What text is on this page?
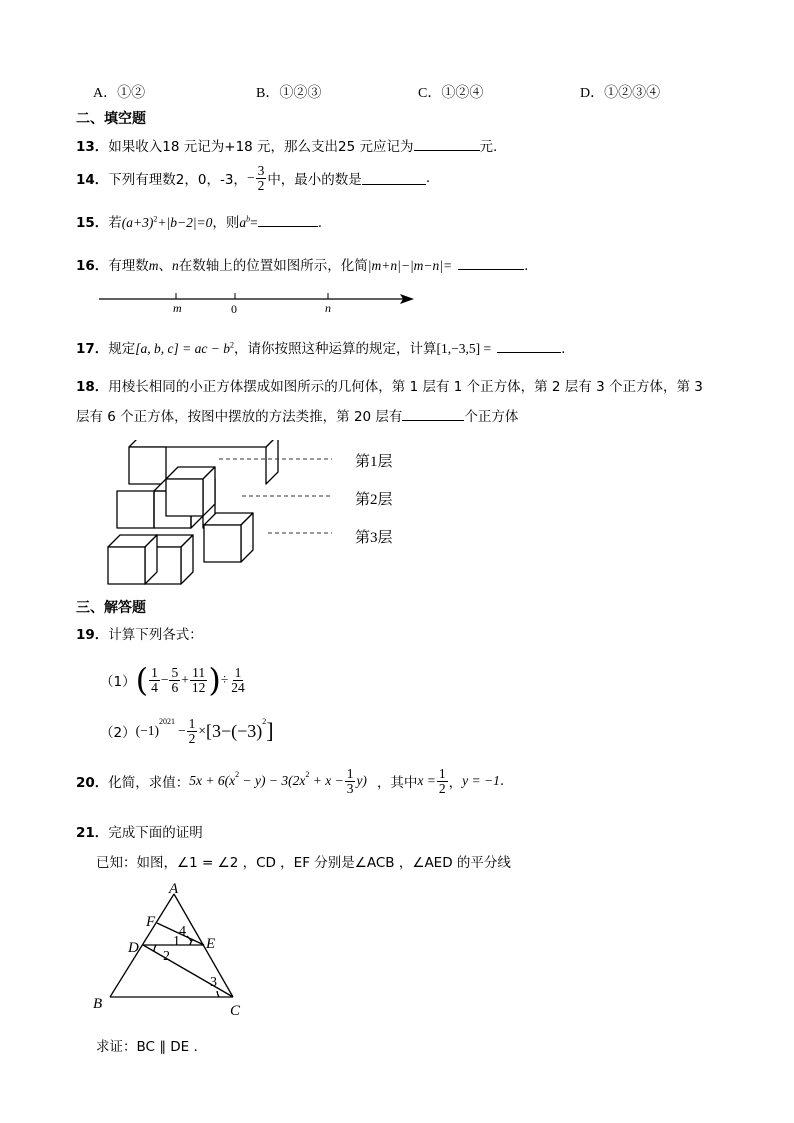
A．①②	B．①②③	C．①②④	D．①②③④
二、填空题
13．如果收入18 元记为+18 元，那么支出25 元应记为	元.
14． 下列有理数2，0，-3， − $\frac{3}{2}$ 中，最小的数是	.
15．若$(a+3)^2+|b-2|=0$，则$a^b=$	.
16．有理数m、n在数轴上的位置如图所示，化简|m+n|−|m−n|=	.
m	0	n
17．规定[a, b, c] = ac − $b^2$，请你按照这种运算的规定，计算[1,−3,5] =	.
18．用棱长相同的小正方体摆成如图所示的几何体，第 1 层有 1 个正方体，第 2 层有 3 个正方体，第 3
层有 6 个正方体，按图中摆放的方法类推，第 20 层有	个正方体
第1层
第2层
第3层
三、解答题
19．计算下列各式：
（1） ( $\frac{1}{4} - \frac{5}{6} + \frac{11}{12}$ ) ÷ $\frac{1}{24}$
（2） (−1)
$^{2021}$
− $\frac{1}{2} \times [3-(-3)^2$ ]
20． 化简，求值： $5x + 6(x^2 - y) - 3(2x^2 + x - \frac{1}{3} y)$ ，其中 $x = \frac{1}{2}$ ， y = −1 .
21．完成下面的证明
已知：如图，∠1 = ∠2 ，CD ，EF 分别是∠ACB ，∠AED 的平分线
A
B	C
D	E
F
1
2
3
4
求证：BC ∥ DE .
